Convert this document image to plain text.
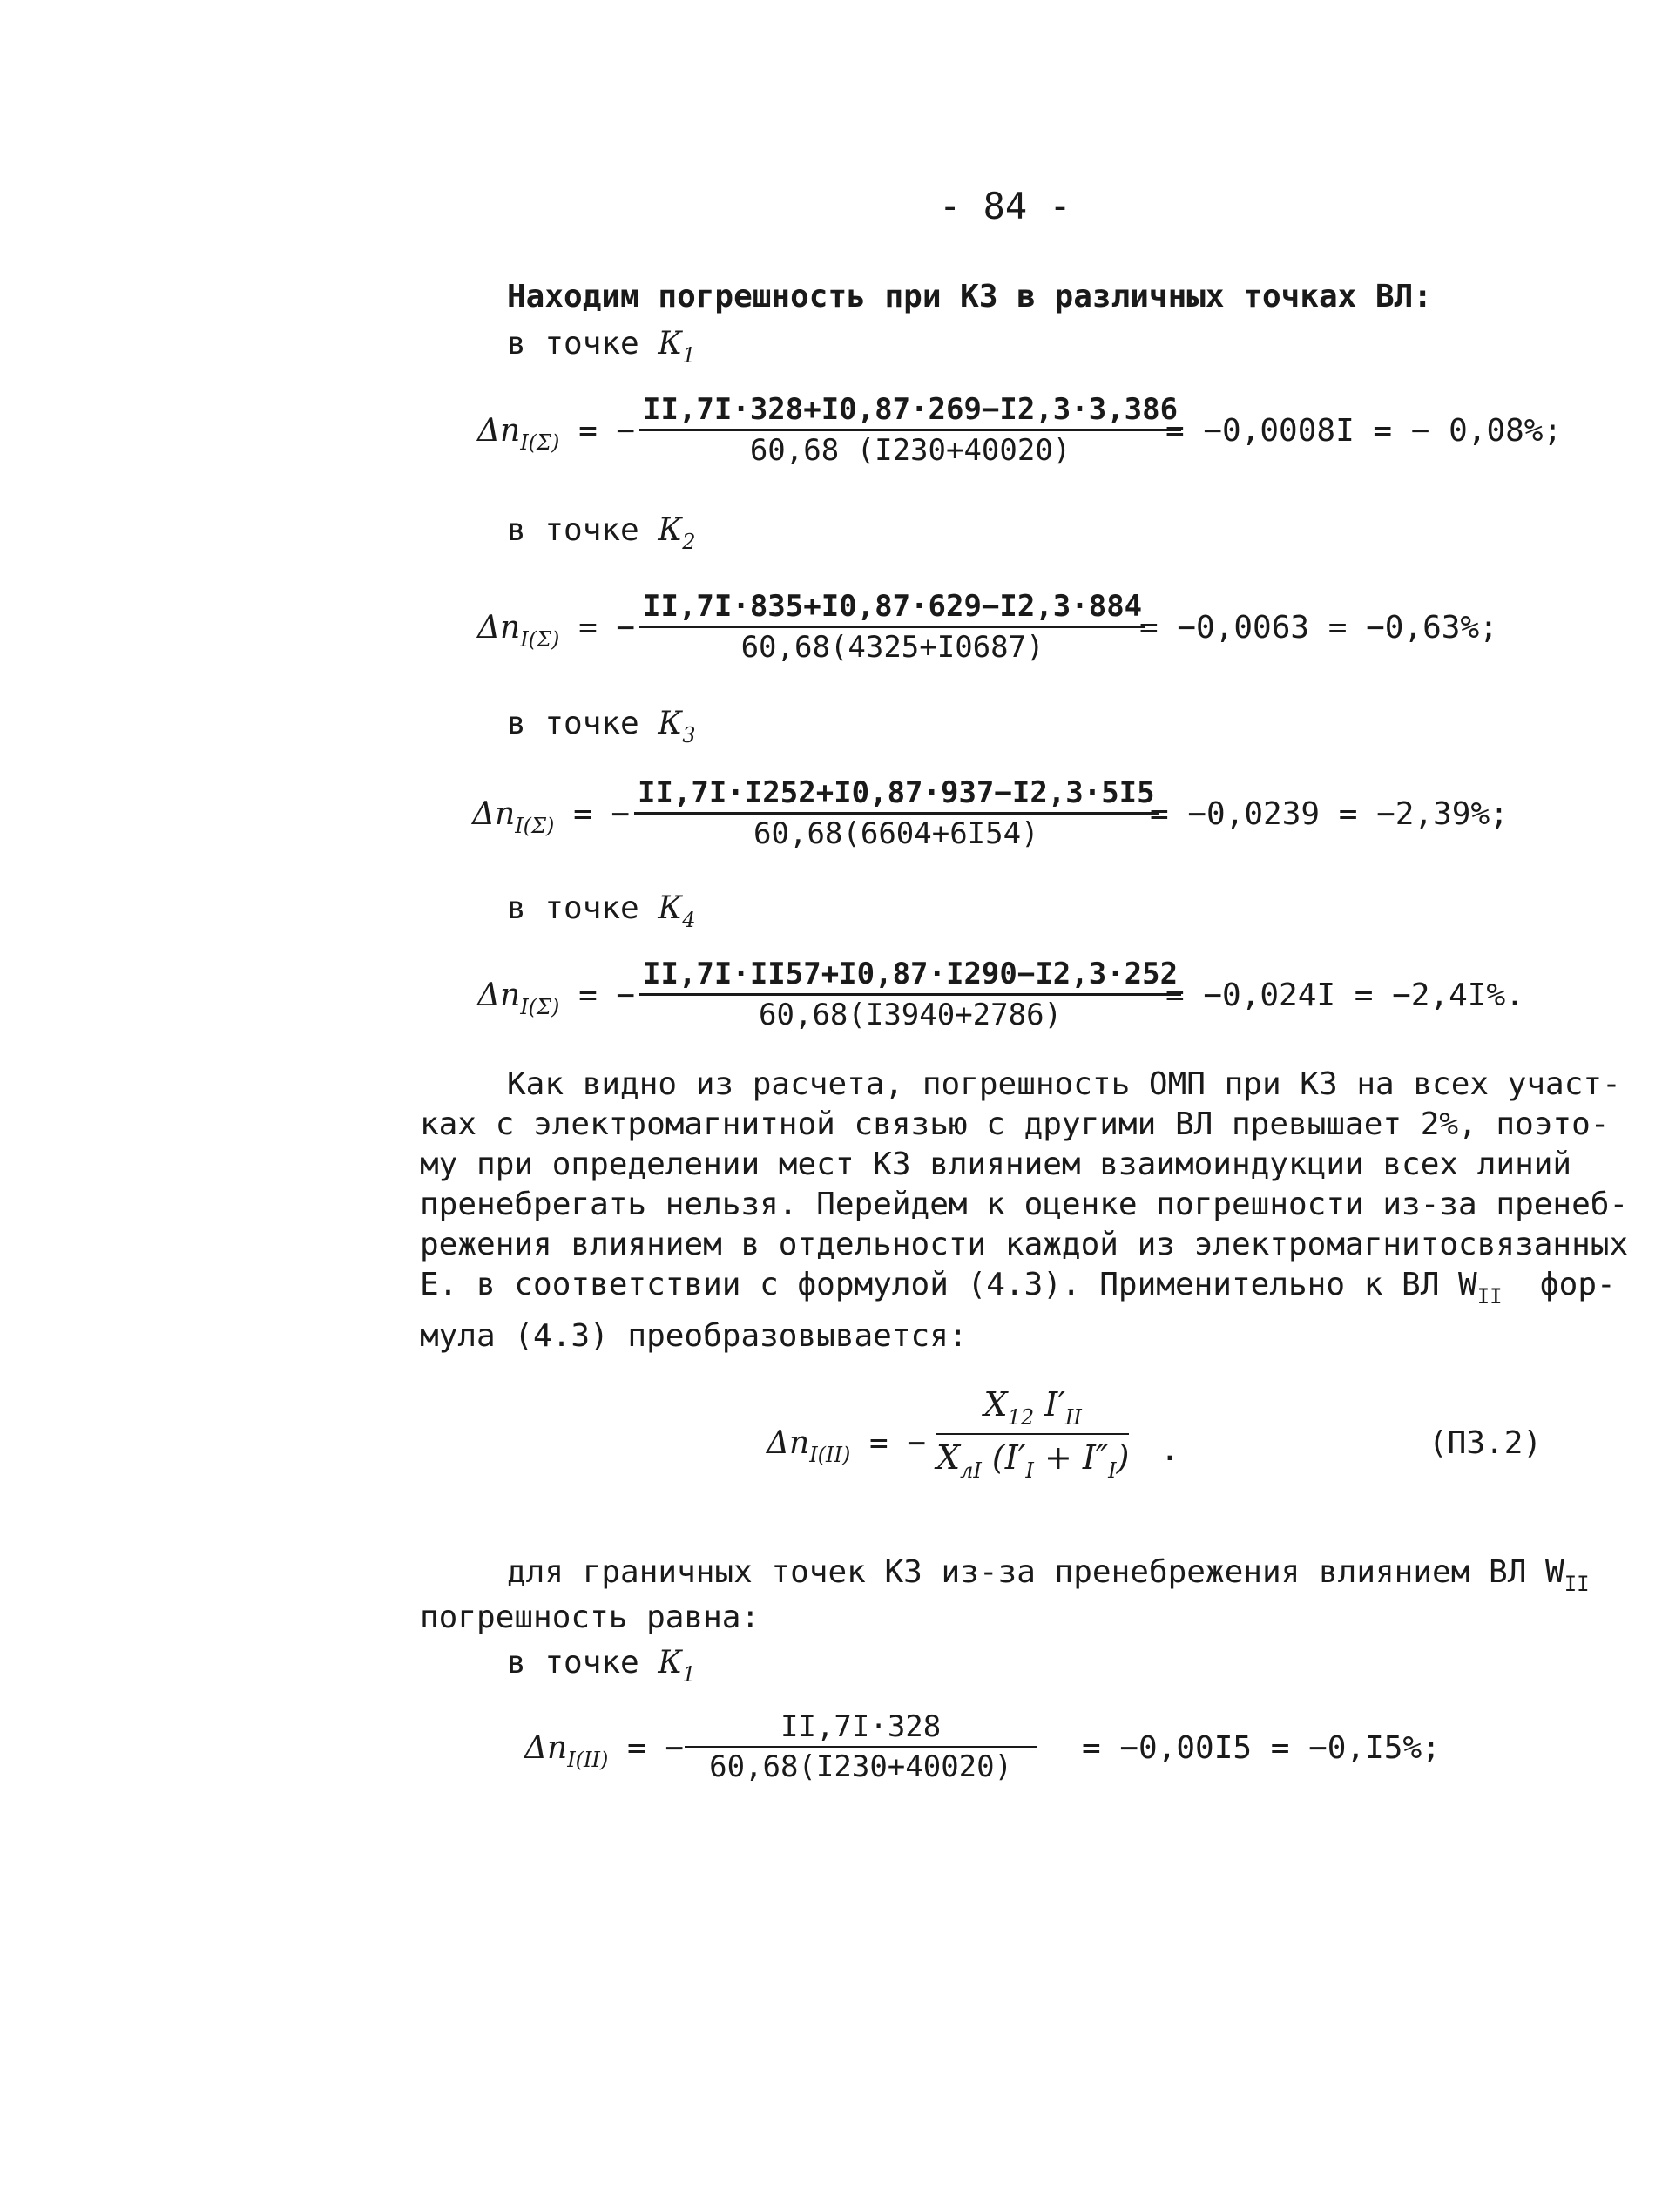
- 84 -
Находим погрешность при КЗ в различных точках ВЛ:
в точке $К_1$
$\Delta n_{I(\Sigma)}$ = − $\frac{II,7I\cdot 328+I0,87\cdot 269-I2,3\cdot 3,386}{60,68 (I230+40020)}$
= −0,0008I = − 0,08%;
в точке $К_2$
$\Delta n_{I(\Sigma)}$ = − $\frac{II,7I\cdot 835+I0,87\cdot 629-I2,3\cdot 884}{60,68(4325+I0687)}$
= −0,0063 = −0,63%;
в точке $К_3$
$\Delta n_{I(\Sigma)}$ = − $\frac{II,7I\cdot I252+I0,87\cdot 937-I2,3\cdot 5I5}{60,68(6604+6I54)}$
= −0,0239 = −2,39%;
в точке $К_4$
$\Delta n_{I(\Sigma)}$ = − $\frac{II,7I\cdot II57+I0,87\cdot I290-I2,3\cdot 252}{60,68(I3940+2786)}$
= −0,024I = −2,4I%.
Как видно из расчета, погрешность ОМП при КЗ на всех участ-
ках с электромагнитной связью с другими ВЛ превышает 2%, поэто-
му при определении мест КЗ влиянием взаимоиндукции всех линий
пренебрегать нельзя. Перейдем к оценке погрешности из-за пренеб-
режения влиянием в отдельности каждой из электромагнитосвязанных
Е. в соответствии с формулой (4.3). Применительно к ВЛ $W_{II}$ фор-
мула (4.3) преобразовывается:
$\Delta n_{I(II)}$ = −
$X_{12}$ $I'_{II}$
$X_{лI}$ $(I'_I + I''_I)$ .	(П3.2)
для граничных точек КЗ из-за пренебрежения влиянием ВЛ $W_{II}$
погрешность равна:
в точке $К_1$
$\Delta n_{I(II)}$ = − $\frac{II,7I\cdot 328}{60,68(I230+40020)} = -0,00I5 = -0,I5\%$;
